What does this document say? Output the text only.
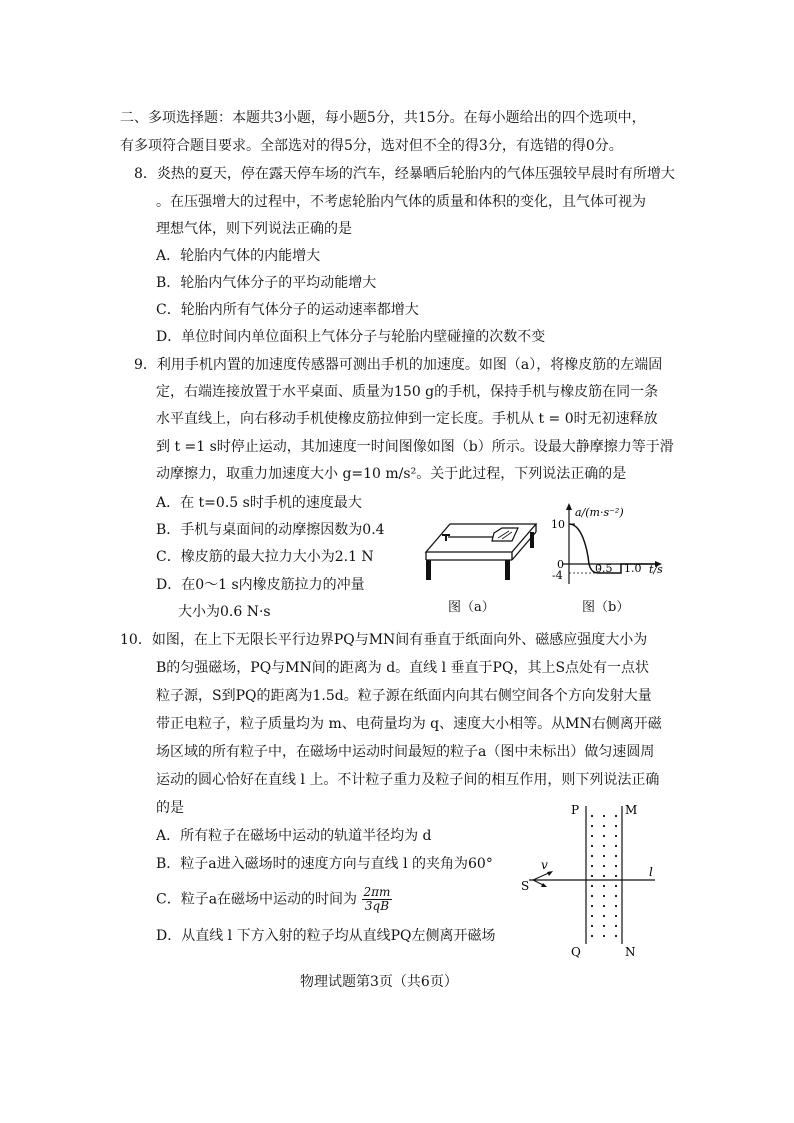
二、多项选择题：本题共3小题，每小题5分，共15分。在每小题给出的四个选项中，
有多项符合题目要求。全部选对的得5分，选对但不全的得3分，有选错的得0分。
8．炎热的夏天，停在露天停车场的汽车，经暴晒后轮胎内的气体压强较早晨时有所增大
。在压强增大的过程中，不考虑轮胎内气体的质量和体积的变化，且气体可视为
理想气体，则下列说法正确的是
A．轮胎内气体的内能增大
B．轮胎内气体分子的平均动能增大
C．轮胎内所有气体分子的运动速率都增大
D．单位时间内单位面积上气体分子与轮胎内壁碰撞的次数不变
9．利用手机内置的加速度传感器可测出手机的加速度。如图（a），将橡皮筋的左端固
定，右端连接放置于水平桌面、质量为150 g的手机，保持手机与橡皮筋在同一条
水平直线上，向右移动手机使橡皮筋拉伸到一定长度。手机从 t = 0时无初速释放
到 t =1 s时停止运动，其加速度一时间图像如图（b）所示。设最大静摩擦力等于滑
动摩擦力，取重力加速度大小 g=10 m/s²。关于此过程，下列说法正确的是
A．在 t=0.5 s时手机的速度最大
B．手机与桌面间的动摩擦因数为0.4
C．橡皮筋的最大拉力大小为2.1 N
D．在0～1 s内橡皮筋拉力的冲量
大小为0.6 N·s	图（a）
a/(m·s⁻²)
t/s
10
0
-4
0.5 1.0
图（b）
10．如图，在上下无限长平行边界PQ与MN间有垂直于纸面向外、磁感应强度大小为
B的匀强磁场，PQ与MN间的距离为 d。直线 l 垂直于PQ，其上S点处有一点状
粒子源，S到PQ的距离为1.5d。粒子源在纸面内向其右侧空间各个方向发射大量
带正电粒子，粒子质量均为 m、电荷量均为 q、速度大小相等。从MN右侧离开磁
场区域的所有粒子中，在磁场中运动时间最短的粒子a（图中未标出）做匀速圆周
运动的圆心恰好在直线 l 上。不计粒子重力及粒子间的相互作用，则下列说法正确
的是
A．所有粒子在磁场中运动的轨道半径均为 d
B．粒子a进入磁场时的速度方向与直线 l 的夹角为60°
C．粒子a在磁场中运动的时间为 $\frac{2\pi m}{3qB}$
D．从直线 l 下方入射的粒子均从直线PQ左侧离开磁场
P	M
Q	N
S
v	l
物理试题第3页（共6页）
